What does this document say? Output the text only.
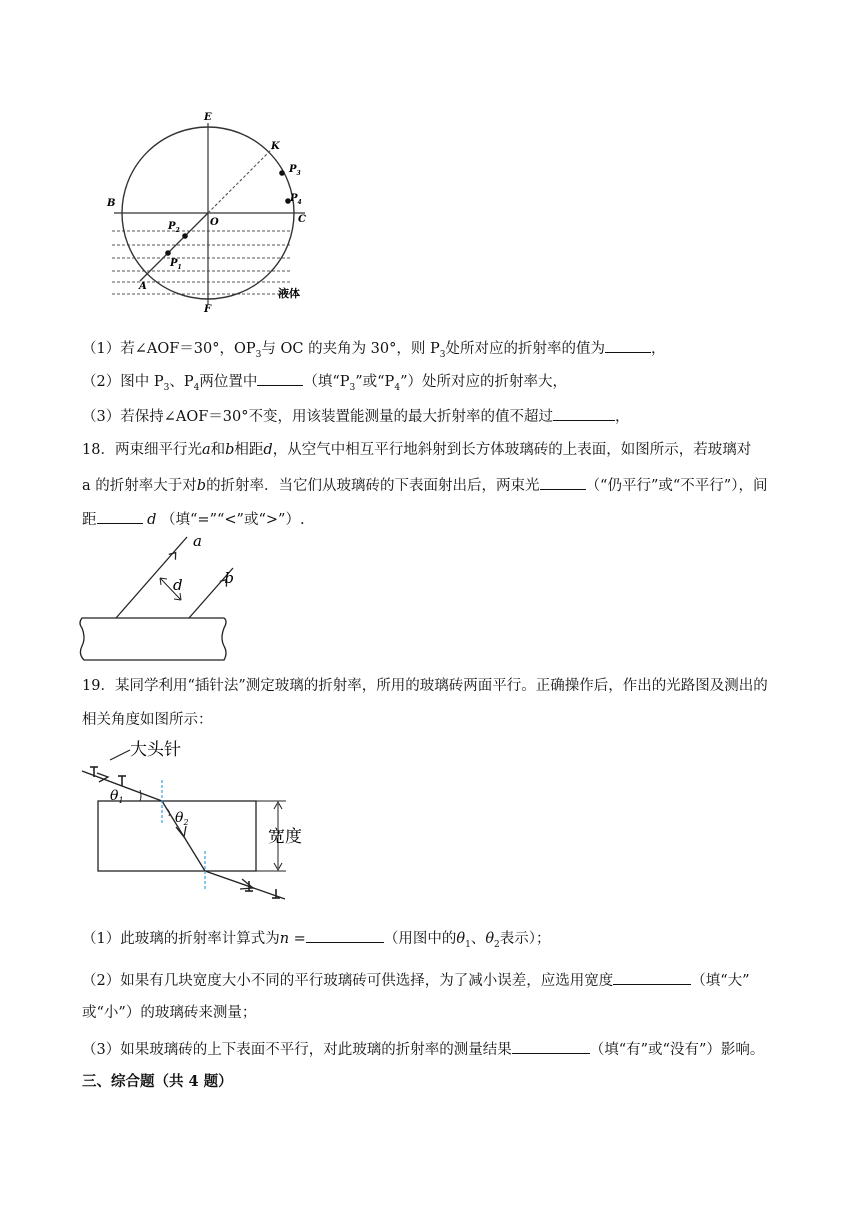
E
K
$P_3$
$P_4$
B
O	C
$P_2$
$P_1$
A
F
液体
（1）若∠AOF＝30°，$OP_3$与 OC 的夹角为 30°，则 $P_3$处所对应的折射率的值为	，
（2）图中 $P_3$、$P_4$两位置中	（填“$P_3$”或“$P_4$”）处所对应的折射率大，
（3）若保持∠AOF＝30°不变，用该装置能测量的最大折射率的值不超过	，
18．两束细平行光a和b相距d，从空气中相互平行地斜射到长方体玻璃砖的上表面，如图所示，若玻璃对
a 的折射率大于对b的折射率．当它们从玻璃砖的下表面射出后，两束光	（“仍平行”或“不平行”），间
距	d （填“=”“<”或“>”）.
a
b
d
19．某同学利用“插针法”测定玻璃的折射率，所用的玻璃砖两面平行。正确操作后，作出的光路图及测出的
相关角度如图所示：
大头针
$\theta_1$
$\theta_2$
宽度
（1）此玻璃的折射率计算式为n =	（用图中的$\theta_1$、$\theta_2$表示）；
（2）如果有几块宽度大小不同的平行玻璃砖可供选择，为了减小误差，应选用宽度	（填“大”
或“小”）的玻璃砖来测量；
（3）如果玻璃砖的上下表面不平行，对此玻璃的折射率的测量结果	（填“有”或“没有”）影响。
三、综合题（共 4 题）
